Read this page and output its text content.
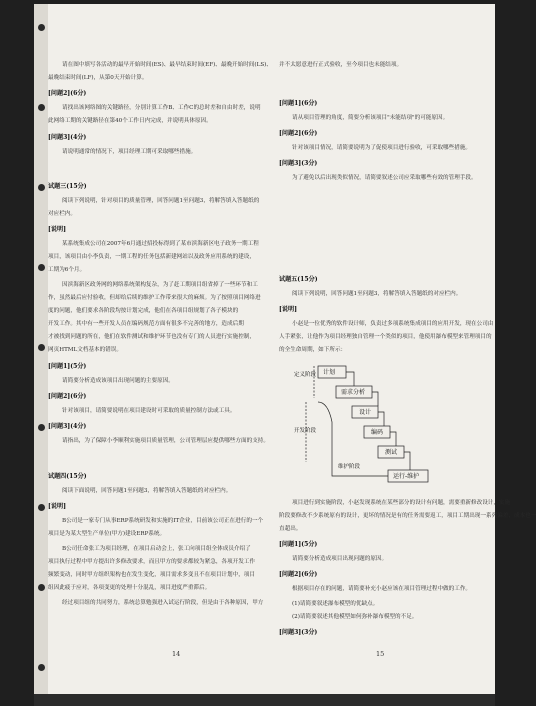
请在图中填写各活动的最早开始时间(ES)、最早结束时间(EF)、最晚开始时间(LS)、
最晚结束时间(LF)，从第0天开始计算。
[问题2](6分)
请找出该网络图的关键路径，分别计算工作B、工作C的总时差和自由时差，说明
此网络工期的关键路径在第40个工作日内完成，并说明具体原因。
[问题3](4分)
请说明通常的情况下，项目经理工期可采取哪些措施。
试题三(15分)
阅读下列说明，针对项目的质量管理，回答问题1至问题3，将解答填入答题纸的
对应栏内。
[说明]
某系统集成公司在2007年6月通过招投标得到了某市滨海新区电子政务一期工程
项目，该项目由小李负责，一期工程的任务包括新建网站以及政务应用系统的建设，
工期为6个月。
因滨海新区政务网的网络系统架构复杂，为了赶工期项目组省掉了一些环节和工
作，虽然最后应付验收，但却给后续的维护工作带来很大的麻烦。为了按照项目网络进
度的问题，他们要求各阶段均按计划完成，他们在各项目组规划了各子模块的
开发工作。其中有一些开发人员在编码规范方面有很多不完善的地方，造成后期
才被找到问题的所在，他们在软件测试和维护环节也没有专门的人员进行实施控制，
网页HTML文档基本的错误。
[问题1](5分)
请简要分析造成该项目出现问题的主要原因。
[问题2](6分)
针对该项目，请简要说明在项目建设时可采取的质量控制方法或工具。
[问题3](4分)
请指出，为了保障小李顺利实施项目质量管理，公司管理层应提供哪些方面的支持。
试题四(15分)
阅读下面说明，回答问题1至问题3，将解答填入答题纸的对应栏内。
[说明]
B公司是一家专门从事ERP系统研发和实施的IT企业，目前该公司正在进行的一个
项目是为某大型生产单位(甲方)建设ERP系统。
B公司任命张工为项目经理，在项目启动会上，张工向项目组全体成员介绍了
项目执行过程中甲方提出许多修改要求，而且甲方的要求都较为紧急，各项开发工作
频繁变动，同时甲方组织架构也在发生变化，项目需求多变且不在项目计划中，项目
组因此疲于应对，各项变更的处理十分混乱，项目进度严重滞后。
经过项目组的共同努力，系统总算勉强进入试运行阶段，但是由于各种原因，甲方
并不太愿意进行正式验收，至今项目也未能结项。
[问题1](6分)
请从项目管理的角度，简要分析该项目"未能结项"的可能原因。
[问题2](6分)
针对该项目情况，请简要说明为了促使项目进行验收，可采取哪些措施。
[问题3](3分)
为了避免以后出现类似情况，请简要叙述公司应采取哪些有效的管理手段。
试题五(15分)
阅读下列说明，回答问题1至问题3，将解答填入答题纸的对应栏内。
[说明]
小赵是一位优秀的软件设计师，负责过多项系统集成项目的应用开发，现在公司由
人手紧张，让他作为项目经理独自管理一个类似的项目，他使用瀑布模型来管理项目的
的全生命周期，如下所示：
项目进行到实施阶段，小赵发现系统在某些部分的设计有问题，需要重新修改设计，实施
阶段要修改不少系统原有的设计，更坏的情况是有的任务需要返工，项目工期出现一系列偏差，成本也一
直超出。
[问题1](5分)
请简要分析造成项目出现问题的原因。
[问题2](6分)
根据项目存在的问题，请简要补充小赵应该在项目管理过程中做的工作。
(1)请简要叙述瀑布模型的优缺点。
(2)请简要叙述其他模型如何弥补瀑布模型的不足。
[问题3](3分)
计划
需求分析
设计
编码
测试
运行-维护
定义阶段
开发阶段
维护阶段
14	15
